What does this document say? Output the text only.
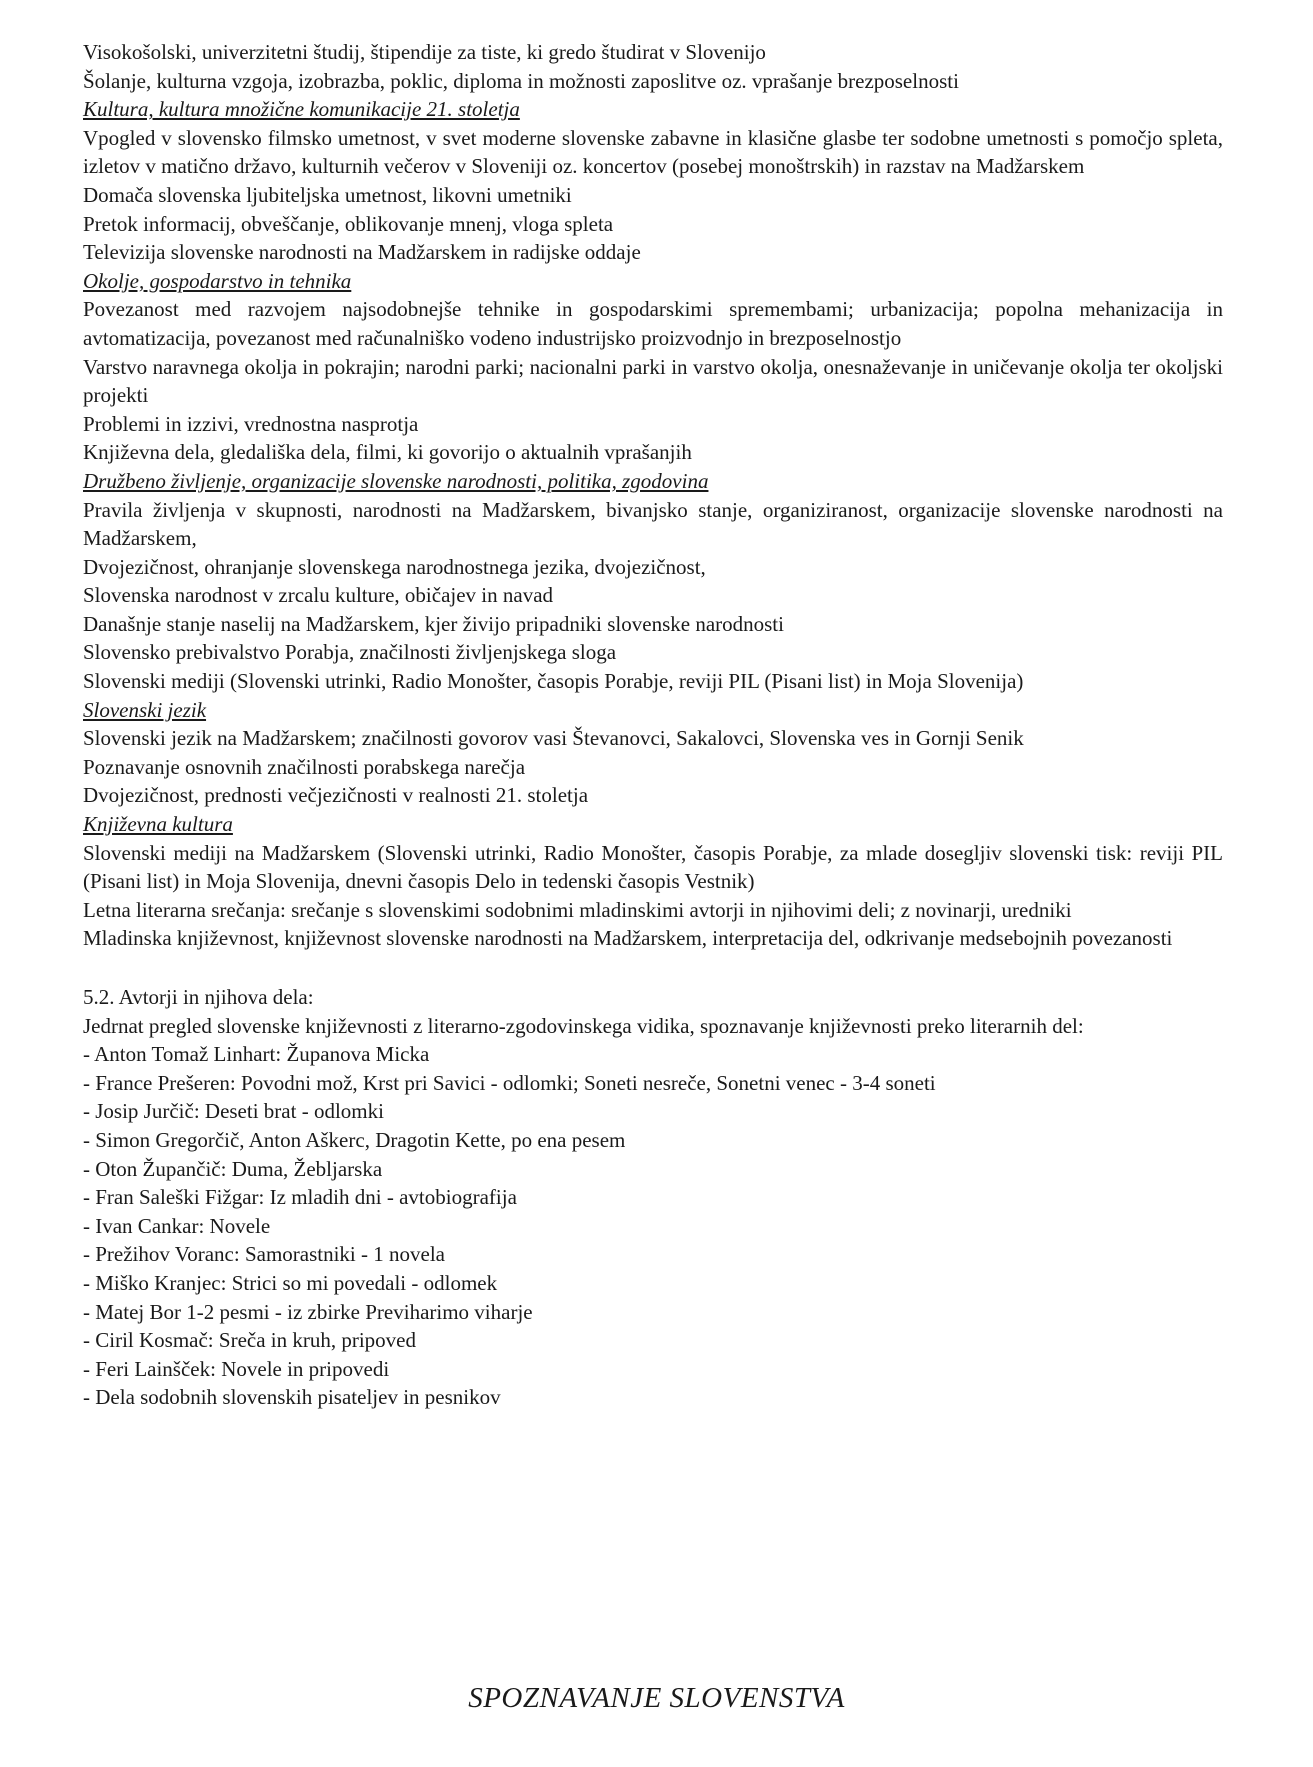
Visokošolski, univerzitetni študij, štipendije za tiste, ki gredo študirat v Slovenijo
Šolanje, kulturna vzgoja, izobrazba, poklic, diploma in možnosti zaposlitve oz. vprašanje brezposelnosti
Kultura, kultura množične komunikacije 21. stoletja
Vpogled v slovensko filmsko umetnost, v svet moderne slovenske zabavne in klasične glasbe ter sodobne umetnosti s pomočjo spleta, izletov v matično državo, kulturnih večerov v Sloveniji oz. koncertov (posebej monoštrskih) in razstav na Madžarskem
Domača slovenska ljubiteljska umetnost, likovni umetniki
Pretok informacij, obveščanje, oblikovanje mnenj, vloga spleta
Televizija slovenske narodnosti na Madžarskem in radijske oddaje
Okolje, gospodarstvo in tehnika
Povezanost med razvojem najsodobnejše tehnike in gospodarskimi spremembami; urbanizacija; popolna mehanizacija in avtomatizacija, povezanost med računalniško vodeno industrijsko proizvodnjo in brezposelnostjo
Varstvo naravnega okolja in pokrajin; narodni parki; nacionalni parki in varstvo okolja, onesnaževanje in uničevanje okolja ter okoljski projekti
Problemi in izzivi, vrednostna nasprotja
Književna dela, gledališka dela, filmi, ki govorijo o aktualnih vprašanjih
Družbeno življenje, organizacije slovenske narodnosti, politika, zgodovina
Pravila življenja v skupnosti, narodnosti na Madžarskem, bivanjsko stanje, organiziranost, organizacije slovenske narodnosti na Madžarskem,
Dvojezičnost, ohranjanje slovenskega narodnostnega jezika, dvojezičnost,
Slovenska narodnost v zrcalu kulture, običajev in navad
Današnje stanje naselij na Madžarskem, kjer živijo pripadniki slovenske narodnosti
Slovensko prebivalstvo Porabja, značilnosti življenjskega sloga
Slovenski mediji (Slovenski utrinki, Radio Monošter, časopis Porabje, reviji PIL (Pisani list) in Moja Slovenija)
Slovenski jezik
Slovenski jezik na Madžarskem; značilnosti govorov vasi Števanovci, Sakalovci, Slovenska ves in Gornji Senik
Poznavanje osnovnih značilnosti porabskega narečja
Dvojezičnost, prednosti večjezičnosti v realnosti 21. stoletja
Književna kultura
Slovenski mediji na Madžarskem (Slovenski utrinki, Radio Monošter, časopis Porabje, za mlade dosegljiv slovenski tisk: reviji PIL (Pisani list) in Moja Slovenija, dnevni časopis Delo in tedenski časopis Vestnik)
Letna literarna srečanja: srečanje s slovenskimi sodobnimi mladinskimi avtorji in njihovimi deli; z novinarji, uredniki
Mladinska književnost, književnost slovenske narodnosti na Madžarskem, interpretacija del, odkrivanje medsebojnih povezanosti
5.2. Avtorji in njihova dela:
Jedrnat pregled slovenske književnosti z literarno-zgodovinskega vidika, spoznavanje književnosti preko literarnih del:
- Anton Tomaž Linhart: Županova Micka
- France Prešeren: Povodni mož, Krst pri Savici - odlomki; Soneti nesreče, Sonetni venec - 3-4 soneti
- Josip Jurčič: Deseti brat - odlomki
- Simon Gregorčič, Anton Aškerc, Dragotin Kette, po ena pesem
- Oton Župančič: Duma, Žebljarska
- Fran Saleški Fižgar: Iz mladih dni - avtobiografija
- Ivan Cankar: Novele
- Prežihov Voranc: Samorastniki - 1 novela
- Miško Kranjec: Strici so mi povedali - odlomek
- Matej Bor 1-2 pesmi - iz zbirke Previharimo viharje
- Ciril Kosmač: Sreča in kruh, pripoved
- Feri Lainšček: Novele in pripovedi
- Dela sodobnih slovenskih pisateljev in pesnikov
SPOZNAVANJE SLOVENSTVA
